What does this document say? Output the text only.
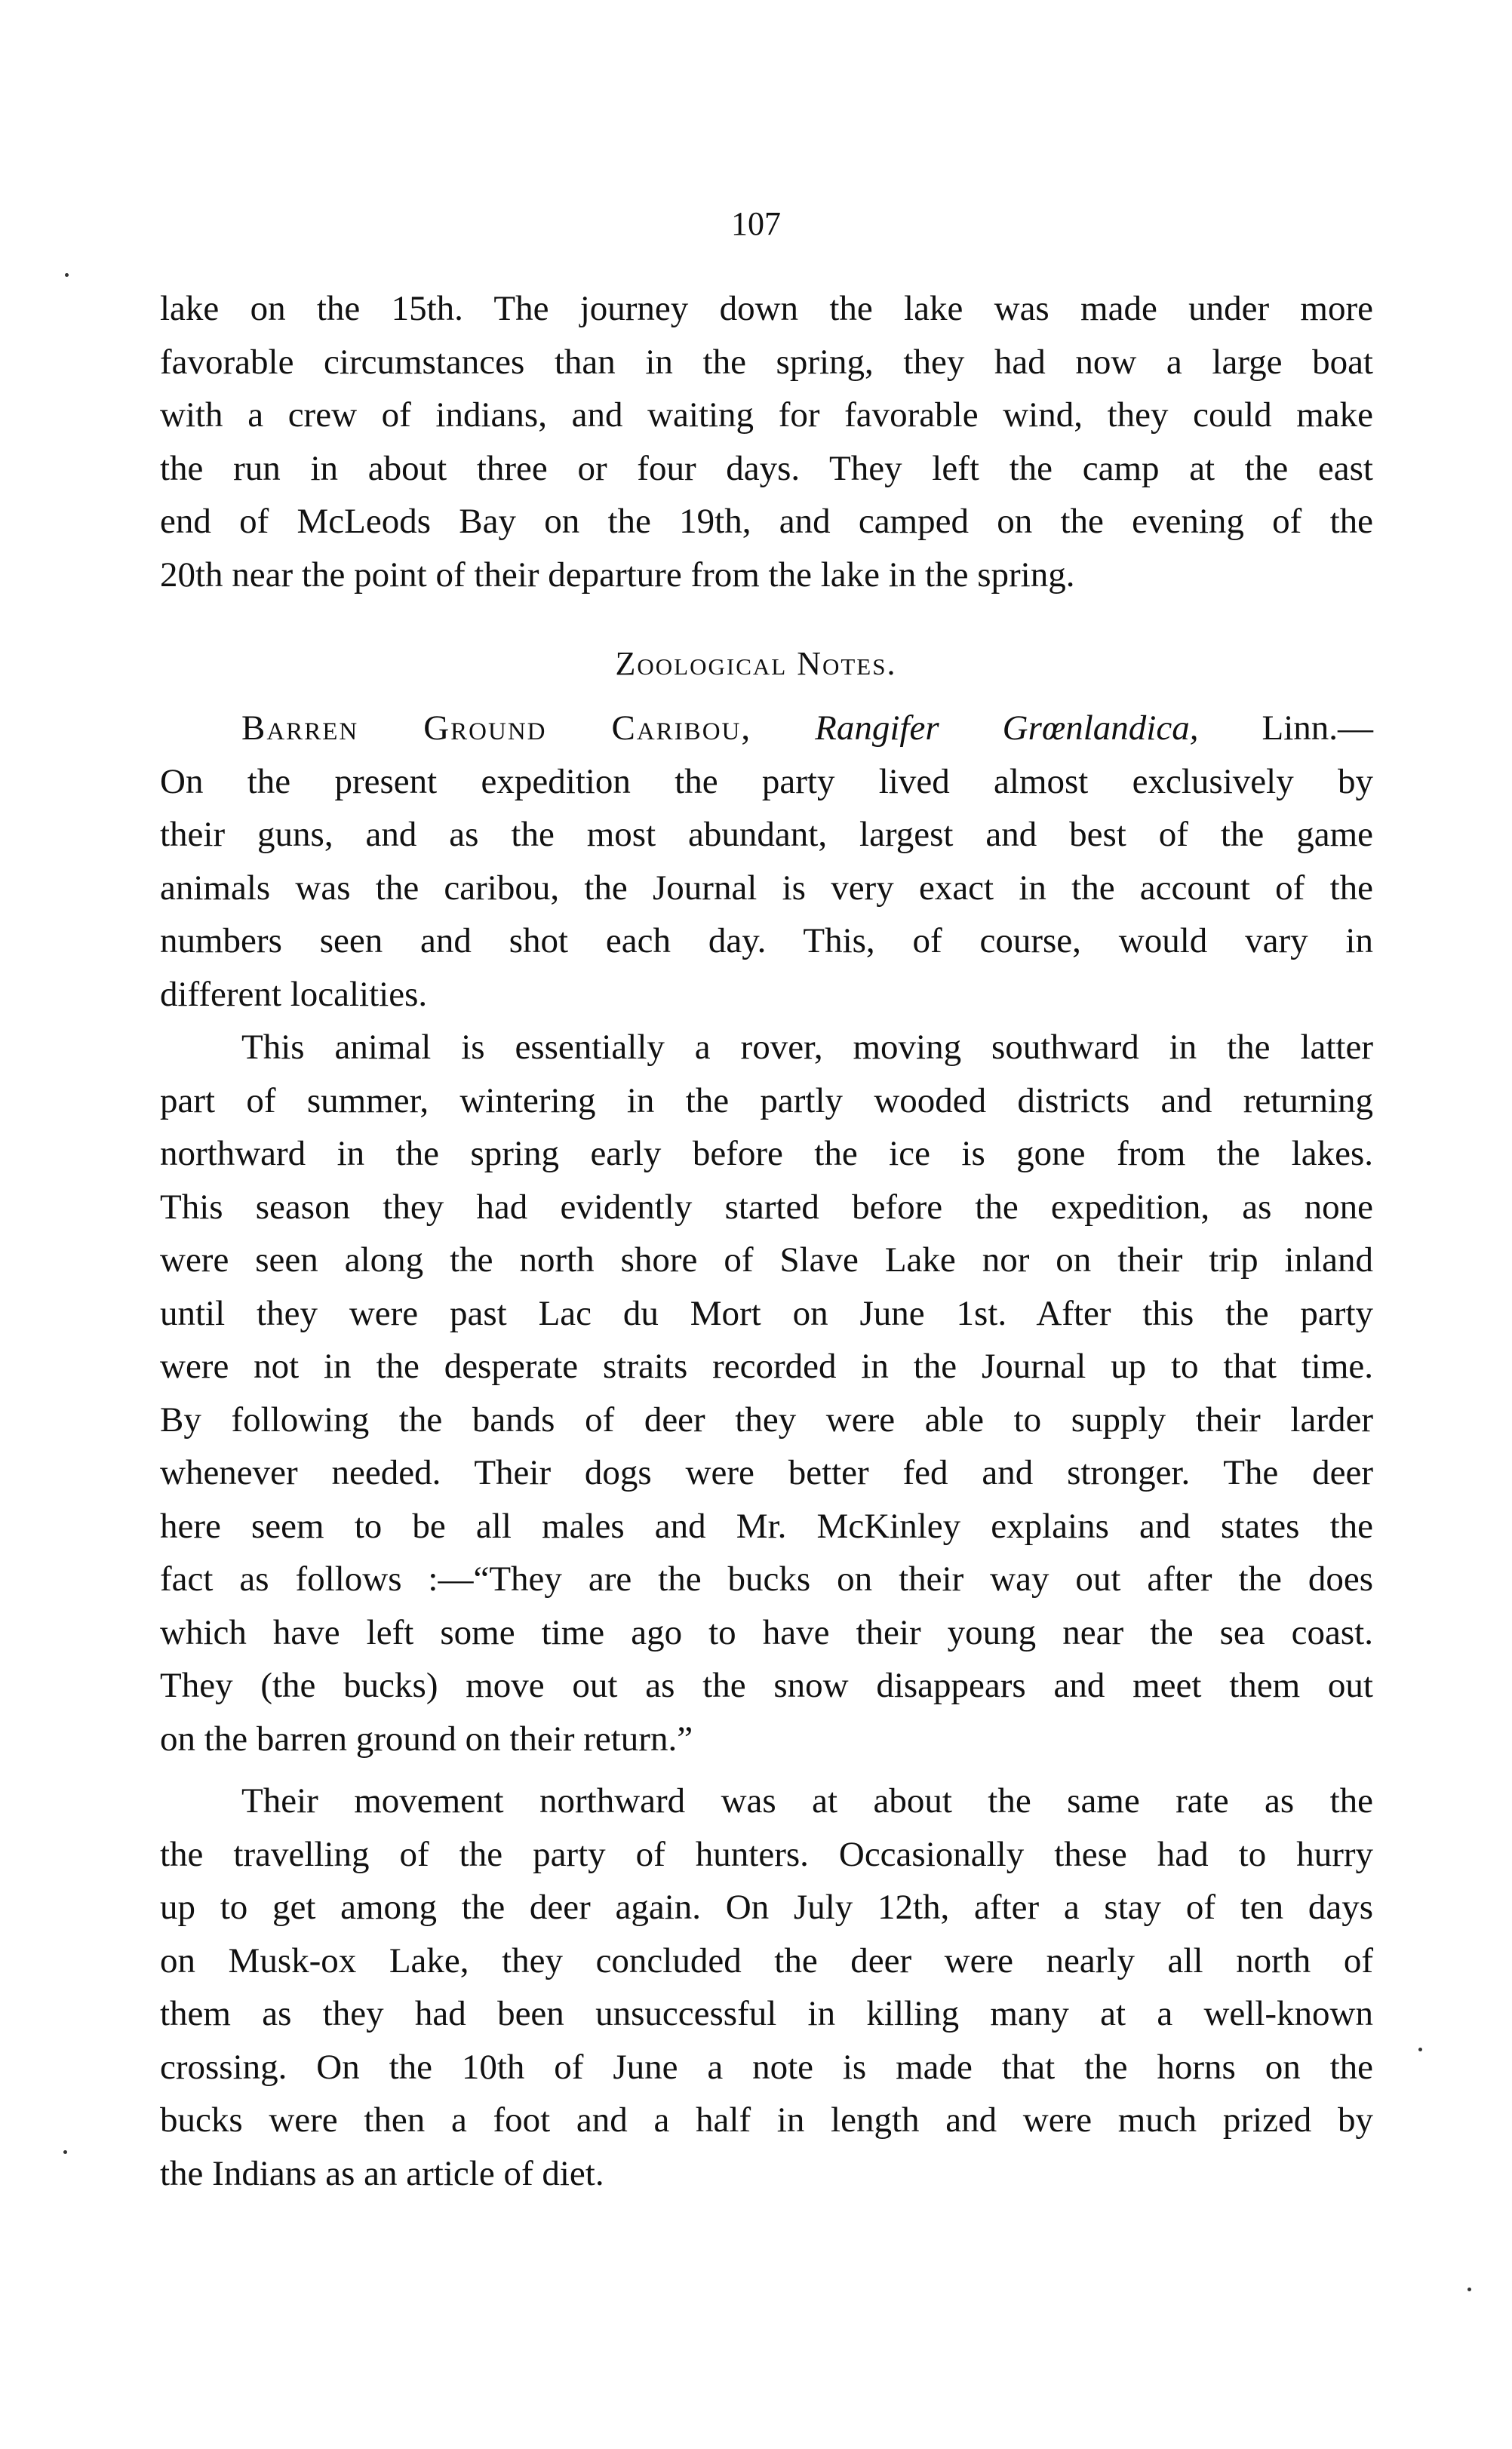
107
lake on the 15th. The journey down the lake was made under more
favorable circumstances than in the spring, they had now a large boat
with a crew of indians, and waiting for favorable wind, they could make
the run in about three or four days. They left the camp at the east
end of McLeods Bay on the 19th, and camped on the evening of the
20th near the point of their departure from the lake in the spring.
Zoological Notes.
Barren Ground Caribou, Rangifer Grœnlandica, Linn.—
On the present expedition the party lived almost exclusively by
their guns, and as the most abundant, largest and best of the game
animals was the caribou, the Journal is very exact in the account of the
numbers seen and shot each day. This, of course, would vary in
different localities.
This animal is essentially a rover, moving southward in the latter
part of summer, wintering in the partly wooded districts and returning
northward in the spring early before the ice is gone from the lakes.
This season they had evidently started before the expedition, as none
were seen along the north shore of Slave Lake nor on their trip inland
until they were past Lac du Mort on June 1st. After this the party
were not in the desperate straits recorded in the Journal up to that time.
By following the bands of deer they were able to supply their larder
whenever needed. Their dogs were better fed and stronger. The deer
here seem to be all males and Mr. McKinley explains and states the
fact as follows :—“They are the bucks on their way out after the does
which have left some time ago to have their young near the sea coast.
They (the bucks) move out as the snow disappears and meet them out
on the barren ground on their return.”
Their movement northward was at about the same rate as the
the travelling of the party of hunters. Occasionally these had to hurry
up to get among the deer again. On July 12th, after a stay of ten days
on Musk-ox Lake, they concluded the deer were nearly all north of
them as they had been unsuccessful in killing many at a well-known
crossing. On the 10th of June a note is made that the horns on the
bucks were then a foot and a half in length and were much prized by
the Indians as an article of diet.
